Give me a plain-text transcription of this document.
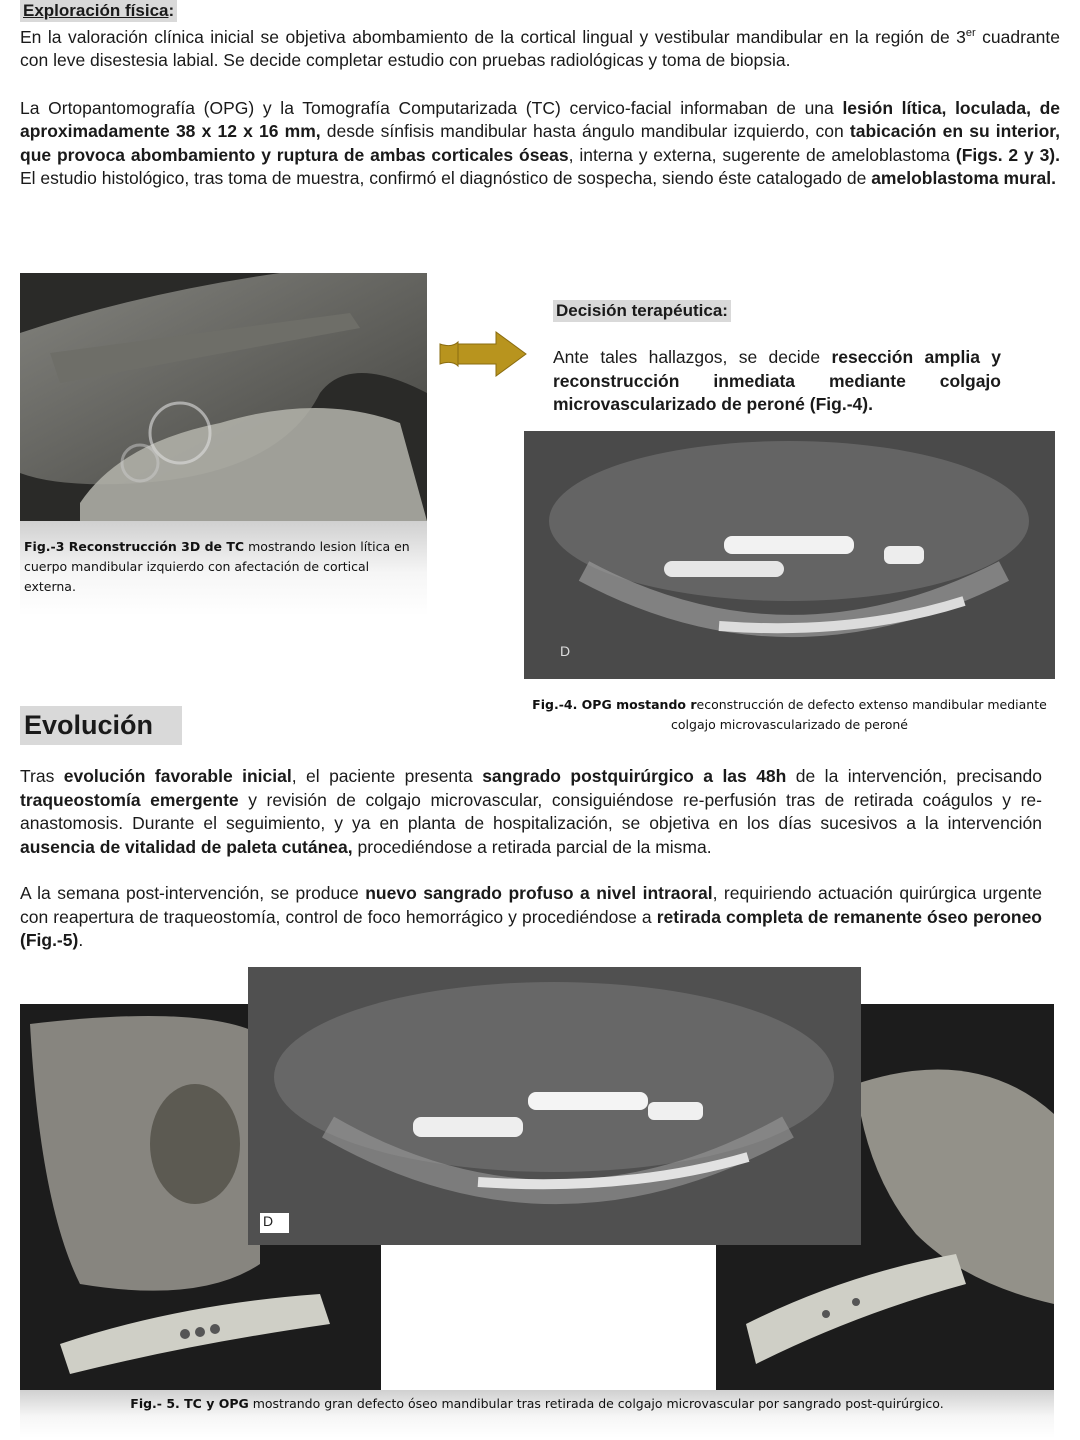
Exploración física:

En la valoración clínica inicial se objetiva abombamiento de la cortical lingual y vestibular mandibular en la región de 3er cuadrante con leve disestesia labial. Se decide completar estudio con pruebas radiológicas y toma de biopsia.

La Ortopantomografía (OPG) y la Tomografía Computarizada (TC) cervico-facial informaban de una lesión lítica, loculada, de aproximadamente 38 x 12 x 16 mm, desde sínfisis mandibular hasta ángulo mandibular izquierdo, con tabicación en su interior, que provoca abombamiento y ruptura de ambas corticales óseas, interna y externa, sugerente de ameloblastoma (Figs. 2 y 3). El estudio histológico, tras toma de muestra, confirmó el diagnóstico de sospecha, siendo éste catalogado de ameloblastoma mural.

Fig.-3 Reconstrucción 3D de TC mostrando lesion lítica en cuerpo mandibular izquierdo con afectación de cortical externa.
Decisión terapéutica:

Ante tales hallazgos, se decide resección amplia y reconstrucción inmediata mediante colgajo microvascularizado de peroné (Fig.-4).

D
Fig.-4. OPG mostando reconstrucción de defecto extenso mandibular mediante colgajo microvascularizado de peroné
Evolución

Tras evolución favorable inicial, el paciente presenta sangrado postquirúrgico a las 48h de la intervención, precisando traqueostomía emergente y revisión de colgajo microvascular, consiguiéndose re-perfusión tras de retirada coágulos y re-anastomosis. Durante el seguimiento, y ya en planta de hospitalización, se objetiva en los días sucesivos a la intervención ausencia de vitalidad de paleta cutánea, procediéndose a retirada parcial de la misma.

A la semana post-intervención, se produce nuevo sangrado profuso a nivel intraoral, requiriendo actuación quirúrgica urgente con reapertura de traqueostomía, control de foco hemorrágico y procediéndose a retirada completa de remanente óseo peroneo (Fig.-5).

D
Fig.- 5. TC y OPG mostrando gran defecto óseo mandibular tras retirada de colgajo microvascular por sangrado post-quirúrgico.
